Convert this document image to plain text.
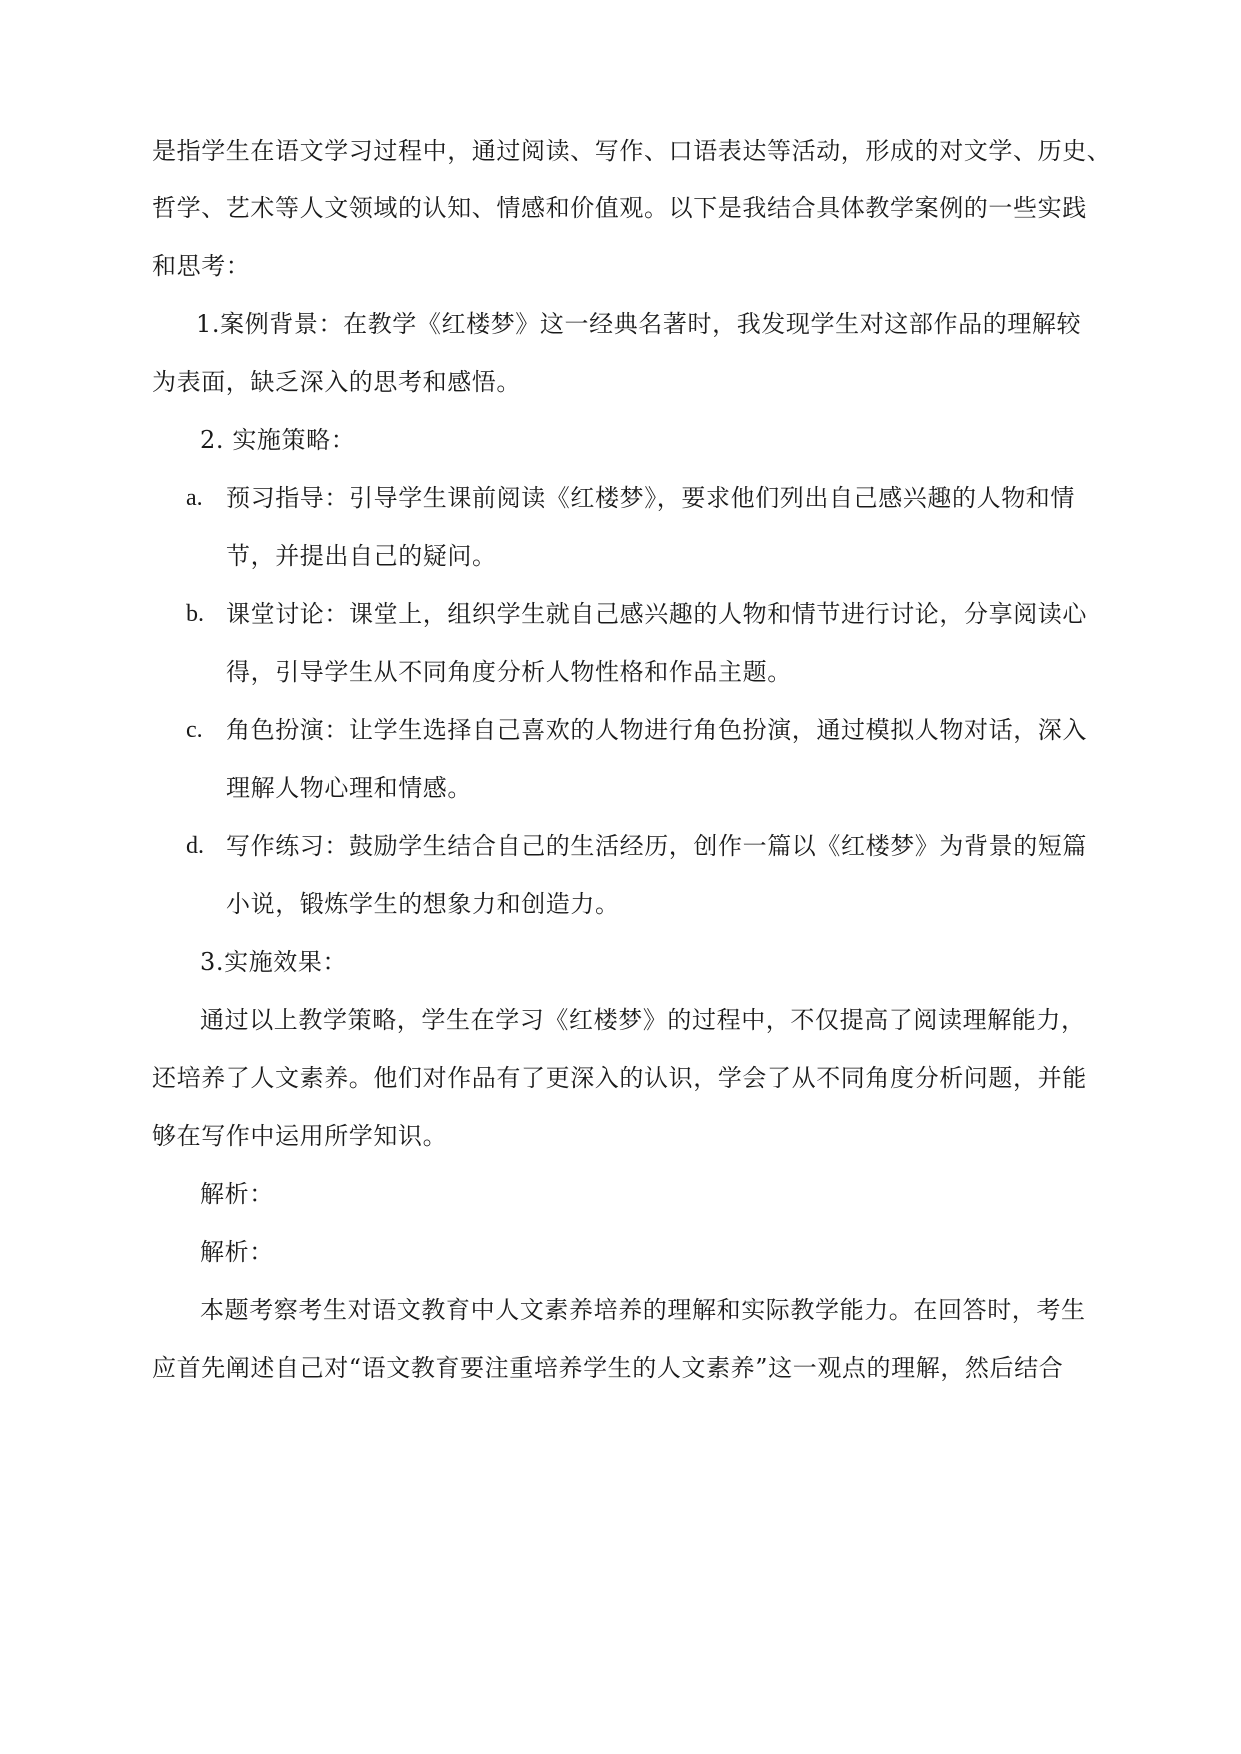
是指学生在语文学习过程中，通过阅读、写作、口语表达等活动，形成的对文学、历史、
哲学、艺术等人文领域的认知、情感和价值观。以下是我结合具体教学案例的一些实践
和思考：
1.案例背景：在教学《红楼梦》这一经典名著时，我发现学生对这部作品的理解较
为表面，缺乏深入的思考和感悟。
2. 实施策略：
a. 预习指导：引导学生课前阅读《红楼梦》，要求他们列出自己感兴趣的人物和情
节，并提出自己的疑问。
b. 课堂讨论：课堂上，组织学生就自己感兴趣的人物和情节进行讨论，分享阅读心
得，引导学生从不同角度分析人物性格和作品主题。
c. 角色扮演：让学生选择自己喜欢的人物进行角色扮演，通过模拟人物对话，深入
理解人物心理和情感。
d. 写作练习：鼓励学生结合自己的生活经历，创作一篇以《红楼梦》为背景的短篇
小说，锻炼学生的想象力和创造力。
3.实施效果：
通过以上教学策略，学生在学习《红楼梦》的过程中，不仅提高了阅读理解能力，
还培养了人文素养。他们对作品有了更深入的认识，学会了从不同角度分析问题，并能
够在写作中运用所学知识。
解析：
解析：
本题考察考生对语文教育中人文素养培养的理解和实际教学能力。在回答时，考生
应首先阐述自己对“语文教育要注重培养学生的人文素养”这一观点的理解，然后结合
